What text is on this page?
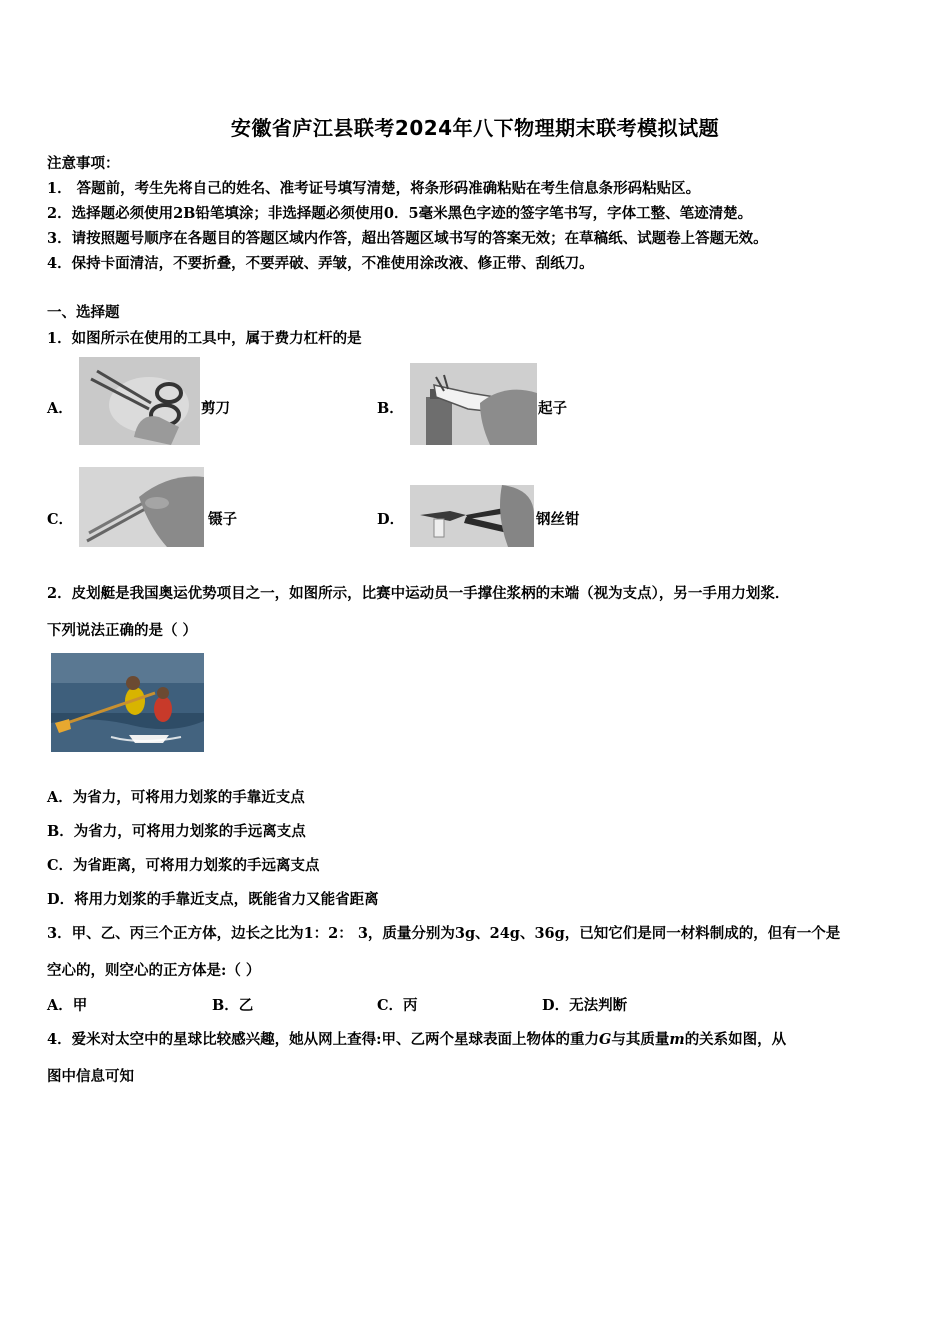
安徽省庐江县联考2024年八下物理期末联考模拟试题
注意事项：
1． 答题前，考生先将自己的姓名、准考证号填写清楚，将条形码准确粘贴在考生信息条形码粘贴区。
2．选择题必须使用2B铅笔填涂；非选择题必须使用0．5毫米黑色字迹的签字笔书写，字体工整、笔迹清楚。
3．请按照题号顺序在各题目的答题区域内作答，超出答题区域书写的答案无效；在草稿纸、试题卷上答题无效。
4．保持卡面清洁，不要折叠，不要弄破、弄皱，不准使用涂改液、修正带、刮纸刀。
一、选择题
1．如图所示在使用的工具中，属于费力杠杆的是
A．	剪刀	B．	起子
C．	镊子	D．	钢丝钳
2．皮划艇是我国奥运优势项目之一，如图所示，比赛中运动员一手撑住浆柄的末端（视为支点），另一手用力划浆．
下列说法正确的是（ ）
A．为省力，可将用力划浆的手靠近支点
B．为省力，可将用力划浆的手远离支点
C．为省距离，可将用力划浆的手远离支点
D．将用力划浆的手靠近支点，既能省力又能省距离
3．甲、乙、丙三个正方体，边长之比为1：2： 3，质量分别为3g、24g、36g，已知它们是同一材料制成的，但有一个是
空心的，则空心的正方体是:（ ）
A．甲	B．乙	C．丙	D．无法判断
4．爱米对太空中的星球比较感兴趣，她从网上查得:甲、乙两个星球表面上物体的重力G与其质量m的关系如图，从
图中信息可知
